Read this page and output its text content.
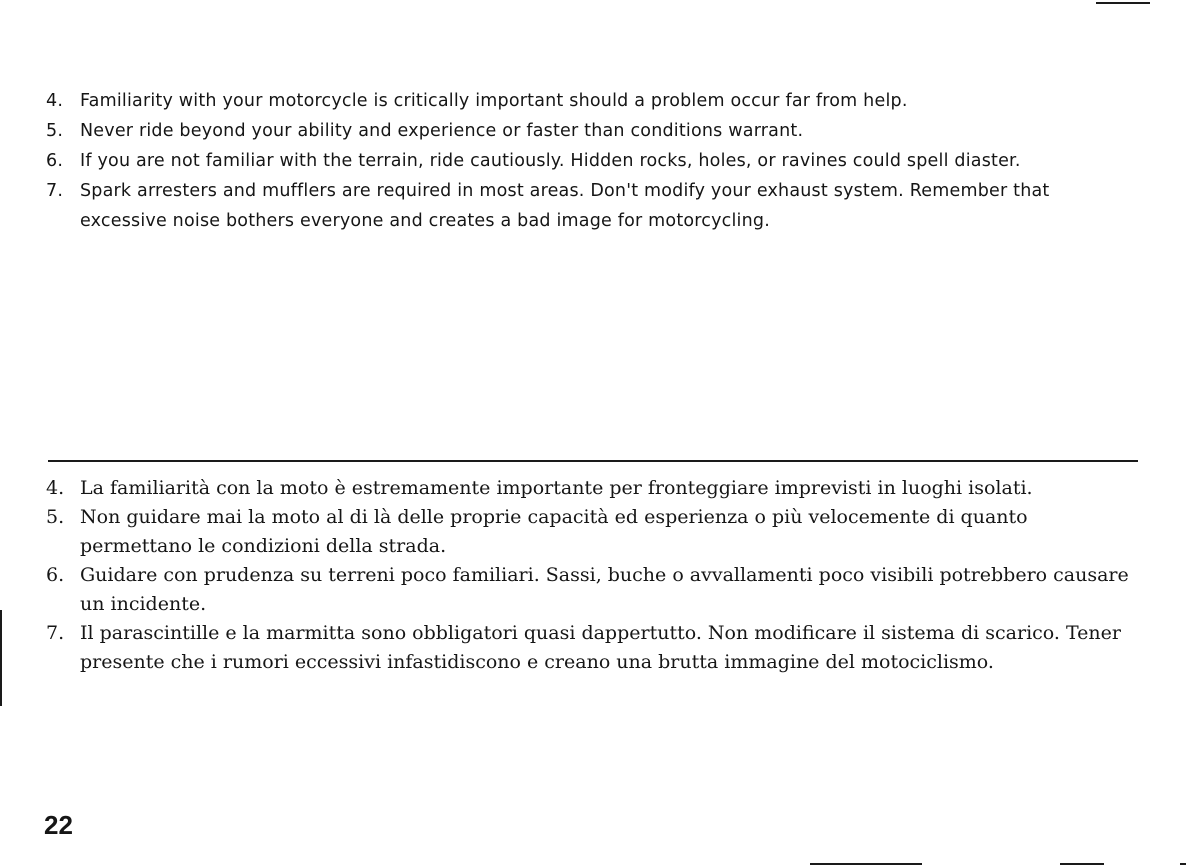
4. Familiarity with your motorcycle is critically important should a problem occur far from help.
5. Never ride beyond your ability and experience or faster than conditions warrant.
6. If you are not familiar with the terrain, ride cautiously. Hidden rocks, holes, or ravines could spell diaster.
7. Spark arresters and mufflers are required in most areas. Don't modify your exhaust system. Remember that excessive noise bothers everyone and creates a bad image for motorcycling.
4. La familiarità con la moto è estremamente importante per fronteggiare imprevisti in luoghi isolati.
5. Non guidare mai la moto al di là delle proprie capacità ed esperienza o più velocemente di quanto permettano le condizioni della strada.
6. Guidare con prudenza su terreni poco familiari. Sassi, buche o avvallamenti poco visibili potrebbero causare un incidente.
7. Il parascintille e la marmitta sono obbligatori quasi dappertutto. Non modificare il sistema di scarico. Tener presente che i rumori eccessivi infastidiscono e creano una brutta immagine del motociclismo.
22
